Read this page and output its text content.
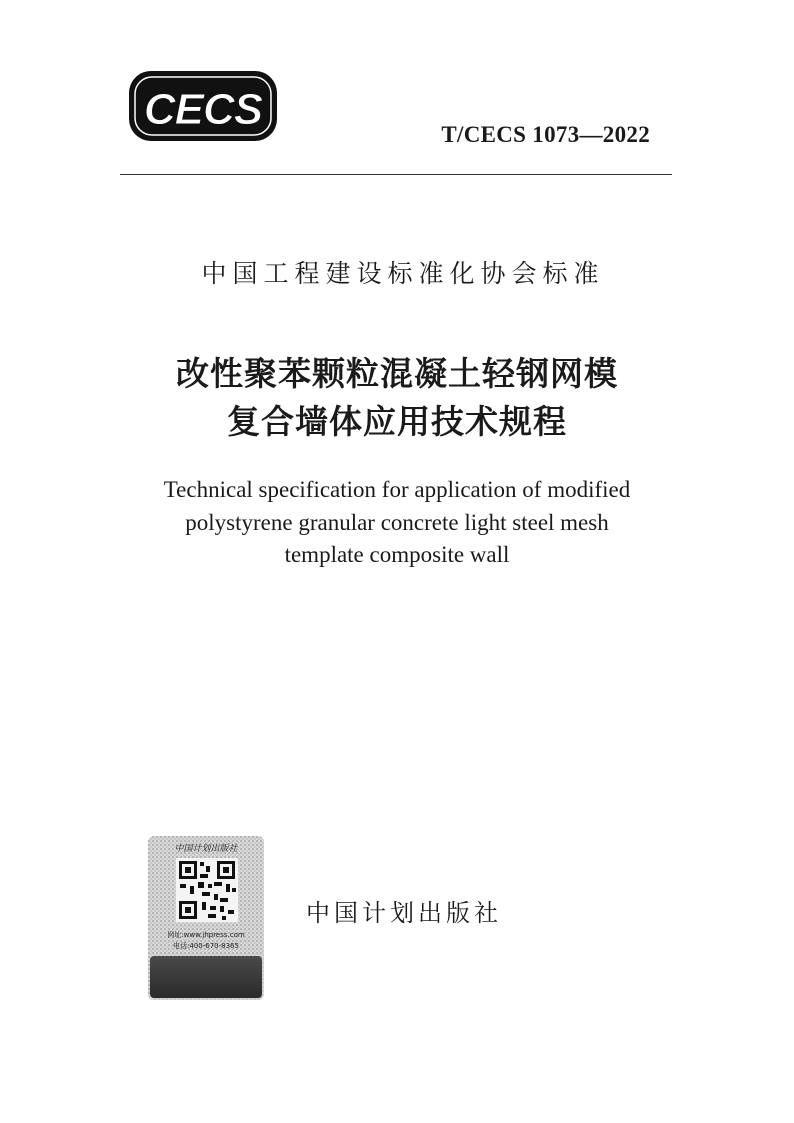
CECS
T/CECS 1073—2022
中国工程建设标准化协会标准
改性聚苯颗粒混凝土轻钢网模
复合墙体应用技术规程
Technical specification for application of modified
polystyrene granular concrete light steel mesh
template composite wall
中国计划出版社
网址:www.jhpress.com
电话:400-670-8365
中国计划出版社
